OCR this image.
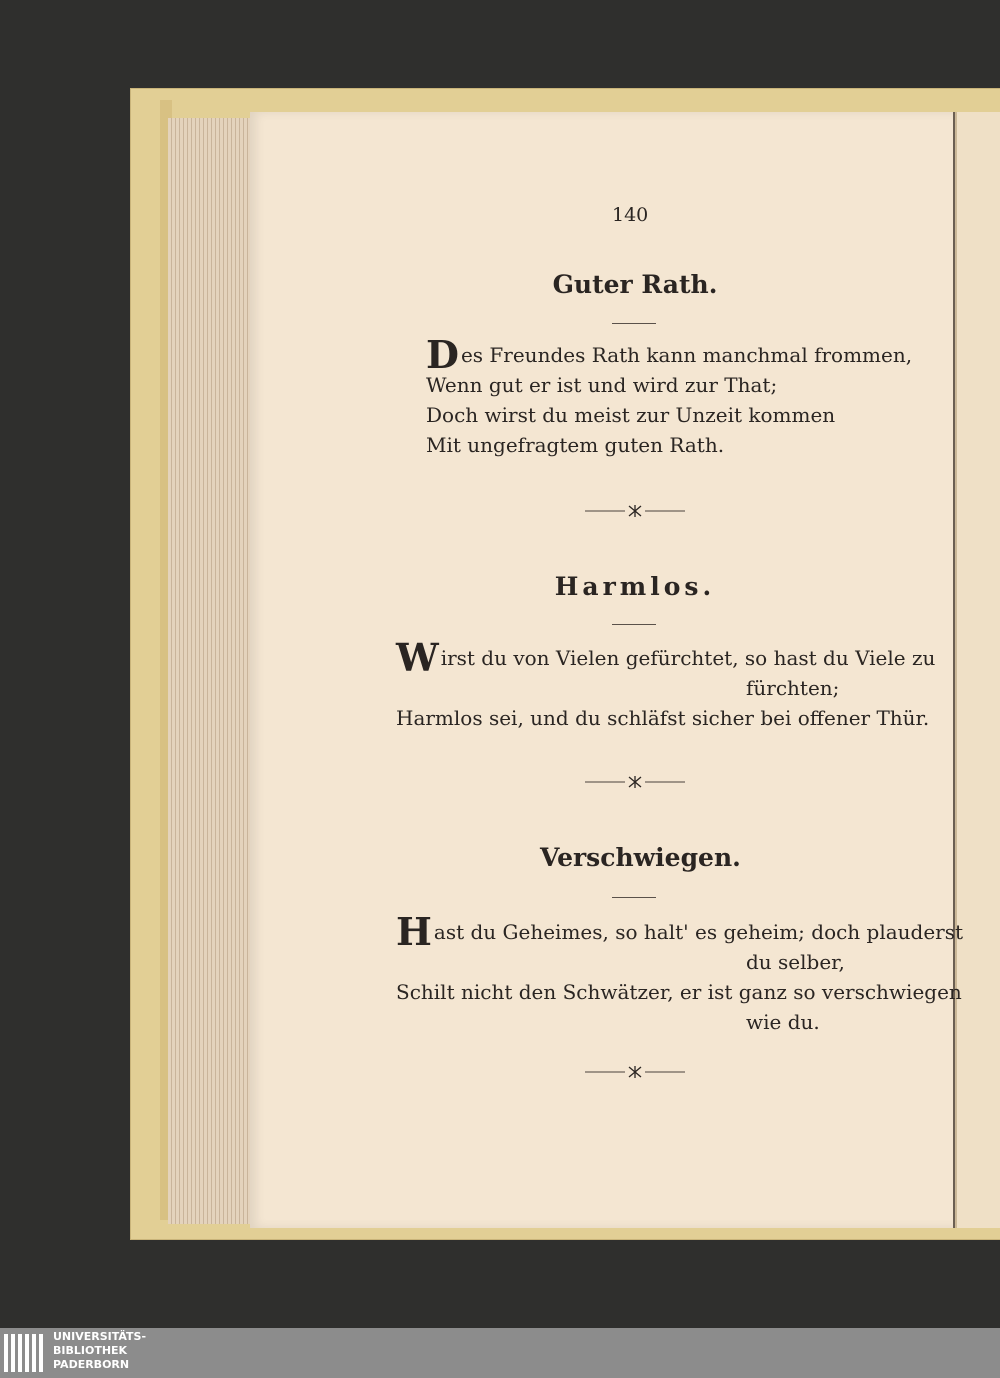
140
Guter Rath.
Des Freundes Rath kann manchmal frommen,
Wenn gut er ist und wird zur That;
Doch wirst du meist zur Unzeit kommen
Mit ungefragtem guten Rath.
Harmlos.
Wirst du von Vielen gefürchtet, so hast du Viele zu
fürchten;
Harmlos sei, und du schläfst sicher bei offener Thür.
Verschwiegen.
Hast du Geheimes, so halt' es geheim; doch plauderst
du selber,
Schilt nicht den Schwätzer, er ist ganz so verschwiegen
wie du.
UNIVERSITÄTS-
BIBLIOTHEK
PADERBORN
